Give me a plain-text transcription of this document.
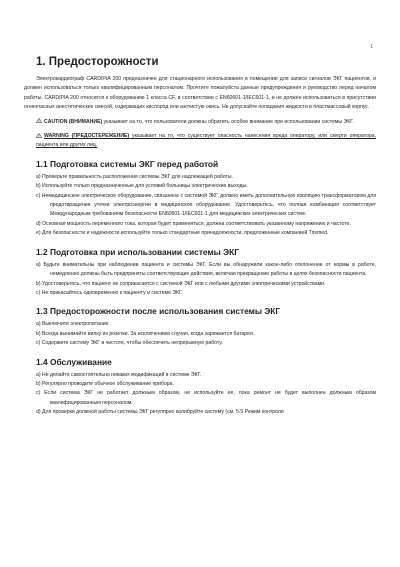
1
1. Предосторожности

Электрокардиограф CARDIPIA 200 предназначен для стационарного использования в помещении для записи сигналов ЭКГ пациентов, и должен использоваться только квалифицированным персоналом. Прочтите пожалуйста данные предупреждения и руководство перед началом работы. CARDIPIA 200 относится к оборудованию 1 класса CF, в соответствии с EN60601-1/IEC601-1, и не должен использоваться в присутствии огнеопасных анестетических смесей, содержащих кислород или азотистую окись. Не допускайте попадания жидкости в пластмассовый корпус.

CAUTION (ВНИМАНИЕ) указывает на то, что пользователи должны обратить особое внимание при использовании системы ЭКГ.

WARNING (ПРЕДОСТЕРЕЖЕНИЕ) указывает на то, что существует опасность нанесения вреда оператору, или смерти оператора, пациента или других лиц.

1.1 Подготовка системы ЭКГ перед работой

a) Проверьте правильность расположения системы ЭКГ для надлежащей работы.

b) Используйте только предназначенные для условий больницы электрические выходы.

c) Немедицинское электрическое оборудование, связанное с системой ЭКГ, должно иметь дополнительную изоляцию трансформатором для предотвращения утечки электроэнергии в медицинское оборудование. Удостоверьтесь, что полная комбинация соответствует Международным требованиям безопасности EN60601-1/IEC601-1 для медицинских электрических систем.

d) Основная мощность переменного тока, которая будет применяться, должна соответствовать указанному напряжению и частоте.

e) Для безопасности и надежности используйте только стандартные принадлежности, предложенные компанией Trismed.

1.2 Подготовка при использовании системы ЭКГ

a) Будьте внимательны при наблюдении пациента и системы ЭКГ. Если вы обнаружили какое-либо отклонение от нормы в работе, немедленно должны быть предприняты соответствующие действия, включая прекращение работы в целях безопасности пациента.

b) Удостоверьтесь, что пациент не соприкасается с системой ЭКГ или с любыми другими электрическими устройствами.

c) Не прикасайтесь одновременно к пациенту и системе ЭКГ.

1.3 Предосторожности после использования системы ЭКГ

a) Выключите электропитание.

b) Всегда вынимайте вилку из розетки. За исключением случая, когда заряжается батарея.

c) Содержите систему ЭКГ в чистоте, чтобы обеспечить непрерывную работу.

1.4 Обслуживание

a) Не делайте самостоятельно никаких модификаций в системе ЭКГ.

b) Регулярно проводите обычное обслуживание прибора.

c) Если система ЭКГ не работает должным образом, не используйте ее, пока ремонт не будет выполнен должным образом квалифицированным персоналом.

d) Для проверки должной работы системы ЭКГ регулярно калибруйте систему (см. 5.5 Режим контроля
